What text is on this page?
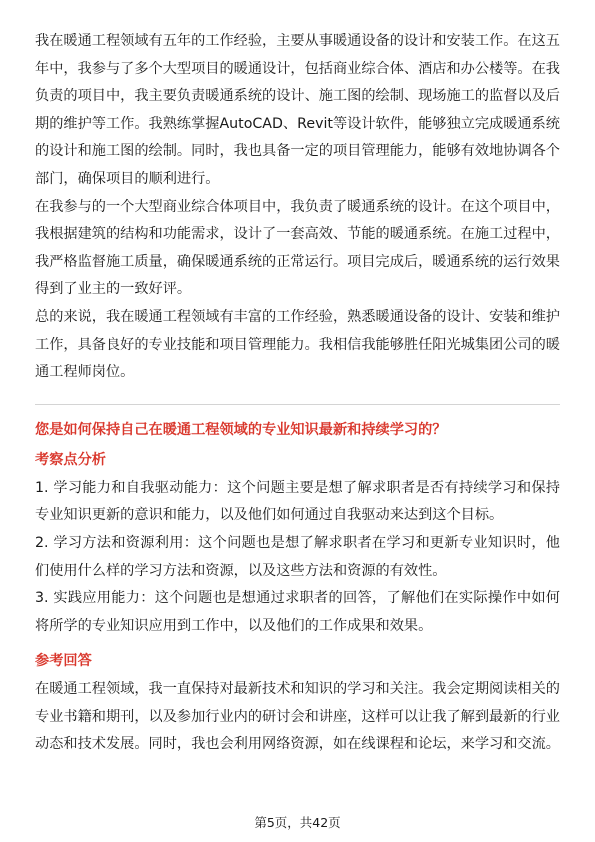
我在暖通工程领域有五年的工作经验，主要从事暖通设备的设计和安装工作。在这五年中，我参与了多个大型项目的暖通设计，包括商业综合体、酒店和办公楼等。在我负责的项目中，我主要负责暖通系统的设计、施工图的绘制、现场施工的监督以及后期的维护等工作。我熟练掌握AutoCAD、Revit等设计软件，能够独立完成暖通系统的设计和施工图的绘制。同时，我也具备一定的项目管理能力，能够有效地协调各个部门，确保项目的顺利进行。

在我参与的一个大型商业综合体项目中，我负责了暖通系统的设计。在这个项目中，我根据建筑的结构和功能需求，设计了一套高效、节能的暖通系统。在施工过程中，我严格监督施工质量，确保暖通系统的正常运行。项目完成后，暖通系统的运行效果得到了业主的一致好评。

总的来说，我在暖通工程领域有丰富的工作经验，熟悉暖通设备的设计、安装和维护工作，具备良好的专业技能和项目管理能力。我相信我能够胜任阳光城集团公司的暖通工程师岗位。

您是如何保持自己在暖通工程领域的专业知识最新和持续学习的？
考察点分析

1. 学习能力和自我驱动能力：这个问题主要是想了解求职者是否有持续学习和保持专业知识更新的意识和能力，以及他们如何通过自我驱动来达到这个目标。

2. 学习方法和资源利用：这个问题也是想了解求职者在学习和更新专业知识时，他们使用什么样的学习方法和资源，以及这些方法和资源的有效性。

3. 实践应用能力：这个问题也是想通过求职者的回答，了解他们在实际操作中如何将所学的专业知识应用到工作中，以及他们的工作成果和效果。

参考回答

在暖通工程领域，我一直保持对最新技术和知识的学习和关注。我会定期阅读相关的专业书籍和期刊，以及参加行业内的研讨会和讲座，这样可以让我了解到最新的行业动态和技术发展。同时，我也会利用网络资源，如在线课程和论坛，来学习和交流。

第5页，共42页
